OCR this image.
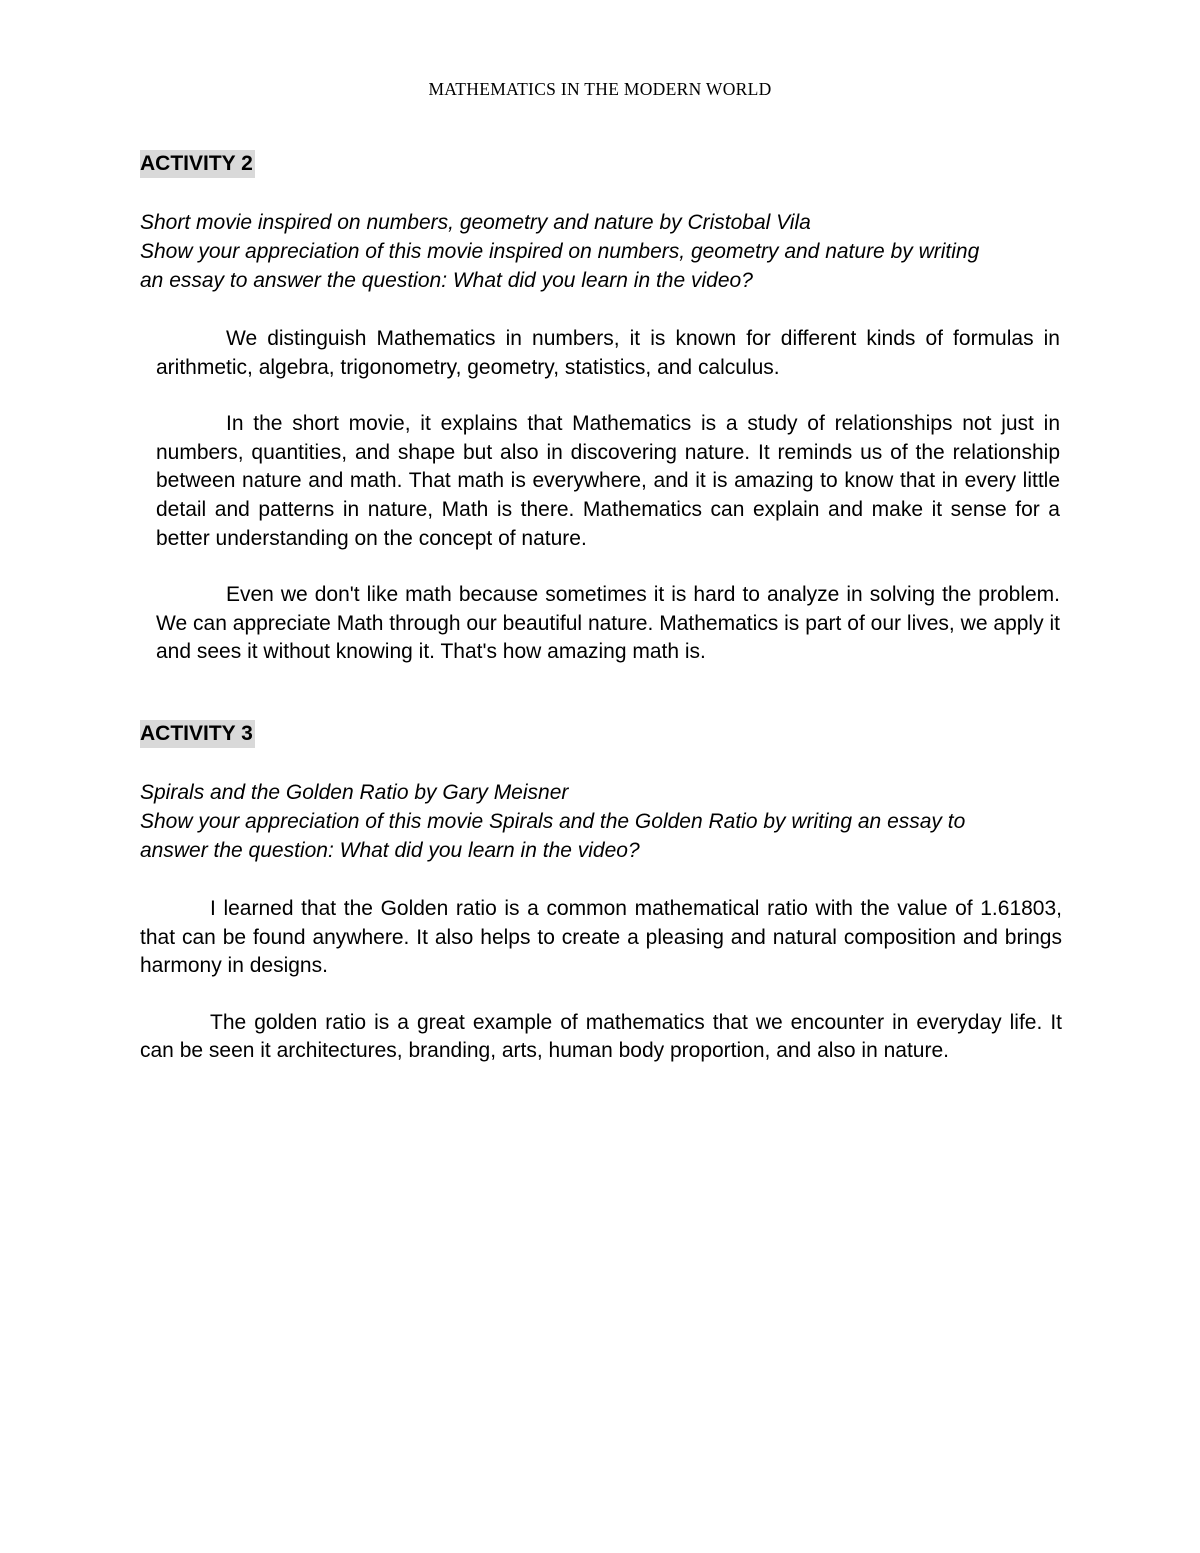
MATHEMATICS IN THE MODERN WORLD
ACTIVITY 2
Short movie inspired on numbers, geometry and nature by Cristobal Vila
Show your appreciation of this movie inspired on numbers, geometry and nature by writing
an essay to answer the question: What did you learn in the video?

We distinguish Mathematics in numbers, it is known for different kinds of formulas in arithmetic, algebra, trigonometry, geometry, statistics, and calculus.

In the short movie, it explains that Mathematics is a study of relationships not just in numbers, quantities, and shape but also in discovering nature. It reminds us of the relationship between nature and math. That math is everywhere, and it is amazing to know that in every little detail and patterns in nature, Math is there. Mathematics can explain and make it sense for a better understanding on the concept of nature.

Even we don't like math because sometimes it is hard to analyze in solving the problem. We can appreciate Math through our beautiful nature. Mathematics is part of our lives, we apply it and sees it without knowing it. That's how amazing math is.

ACTIVITY 3
Spirals and the Golden Ratio by Gary Meisner
Show your appreciation of this movie Spirals and the Golden Ratio by writing an essay to
answer the question: What did you learn in the video?

I learned that the Golden ratio is a common mathematical ratio with the value of 1.61803, that can be found anywhere. It also helps to create a pleasing and natural composition and brings harmony in designs.

The golden ratio is a great example of mathematics that we encounter in everyday life. It can be seen it architectures, branding, arts, human body proportion, and also in nature.
